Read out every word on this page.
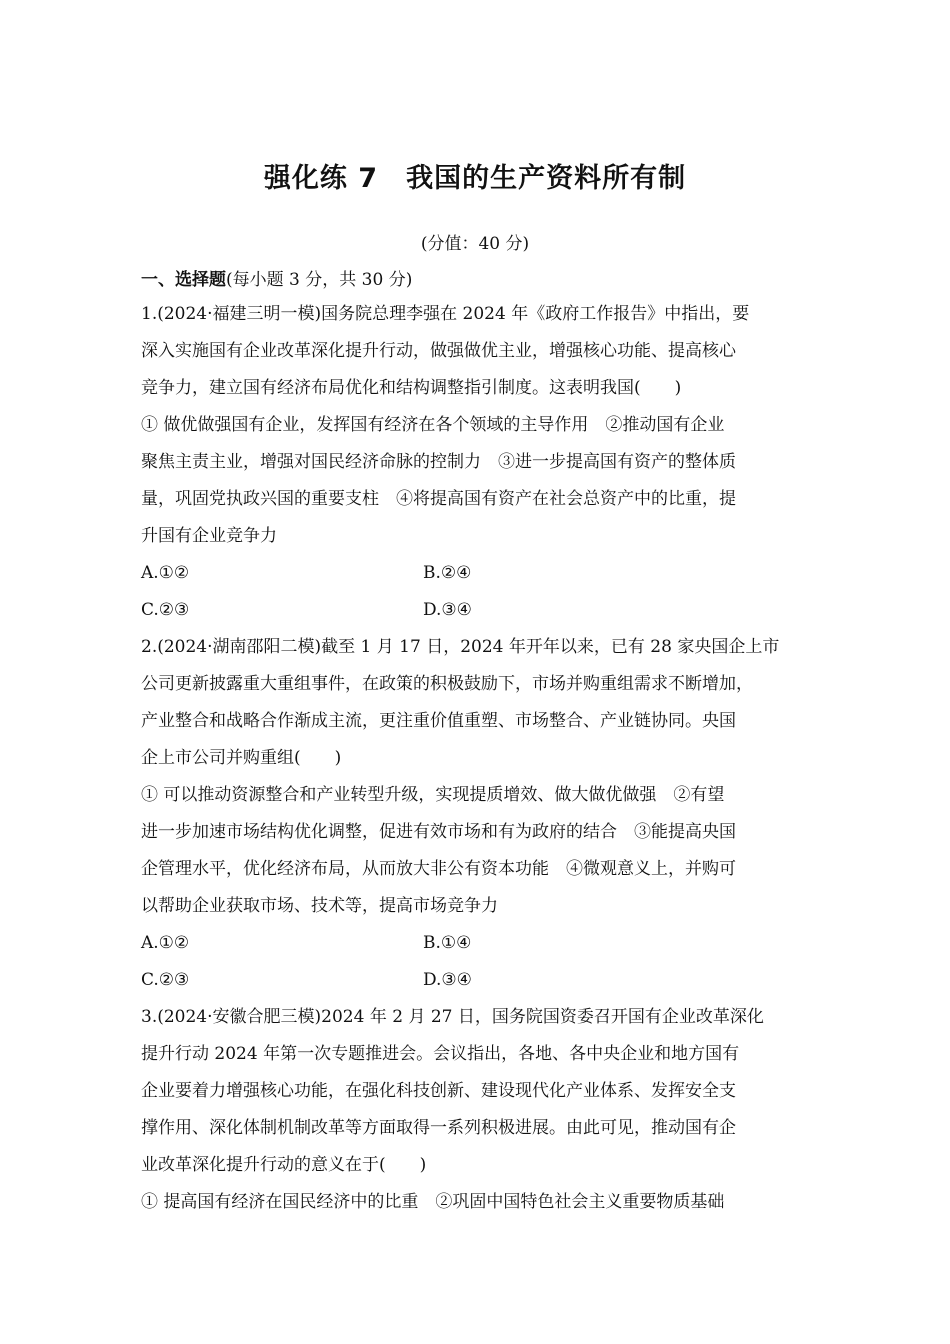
强化练 7　我国的生产资料所有制
(分值：40 分)
一、选择题(每小题 3 分，共 30 分)
1.(2024·福建三明一模)国务院总理李强在 2024 年《政府工作报告》中指出，要
深入实施国有企业改革深化提升行动，做强做优主业，增强核心功能、提高核心
竞争力，建立国有经济布局优化和结构调整指引制度。这表明我国(　　)
① 做优做强国有企业，发挥国有经济在各个领域的主导作用　②推动国有企业
聚焦主责主业，增强对国民经济命脉的控制力　③进一步提高国有资产的整体质
量，巩固党执政兴国的重要支柱　④将提高国有资产在社会总资产中的比重，提
升国有企业竞争力
A.①②	B.②④
C.②③	D.③④
2.(2024·湖南邵阳二模)截至 1 月 17 日，2024 年开年以来，已有 28 家央国企上市
公司更新披露重大重组事件，在政策的积极鼓励下，市场并购重组需求不断增加，
产业整合和战略合作渐成主流，更注重价值重塑、市场整合、产业链协同。央国
企上市公司并购重组(　　)
① 可以推动资源整合和产业转型升级，实现提质增效、做大做优做强　②有望
进一步加速市场结构优化调整，促进有效市场和有为政府的结合　③能提高央国
企管理水平，优化经济布局，从而放大非公有资本功能　④微观意义上，并购可
以帮助企业获取市场、技术等，提高市场竞争力
A.①②	B.①④
C.②③	D.③④
3.(2024·安徽合肥三模)2024 年 2 月 27 日，国务院国资委召开国有企业改革深化
提升行动 2024 年第一次专题推进会。会议指出，各地、各中央企业和地方国有
企业要着力增强核心功能，在强化科技创新、建设现代化产业体系、发挥安全支
撑作用、深化体制机制改革等方面取得一系列积极进展。由此可见，推动国有企
业改革深化提升行动的意义在于(　　)
① 提高国有经济在国民经济中的比重　②巩固中国特色社会主义重要物质基础
